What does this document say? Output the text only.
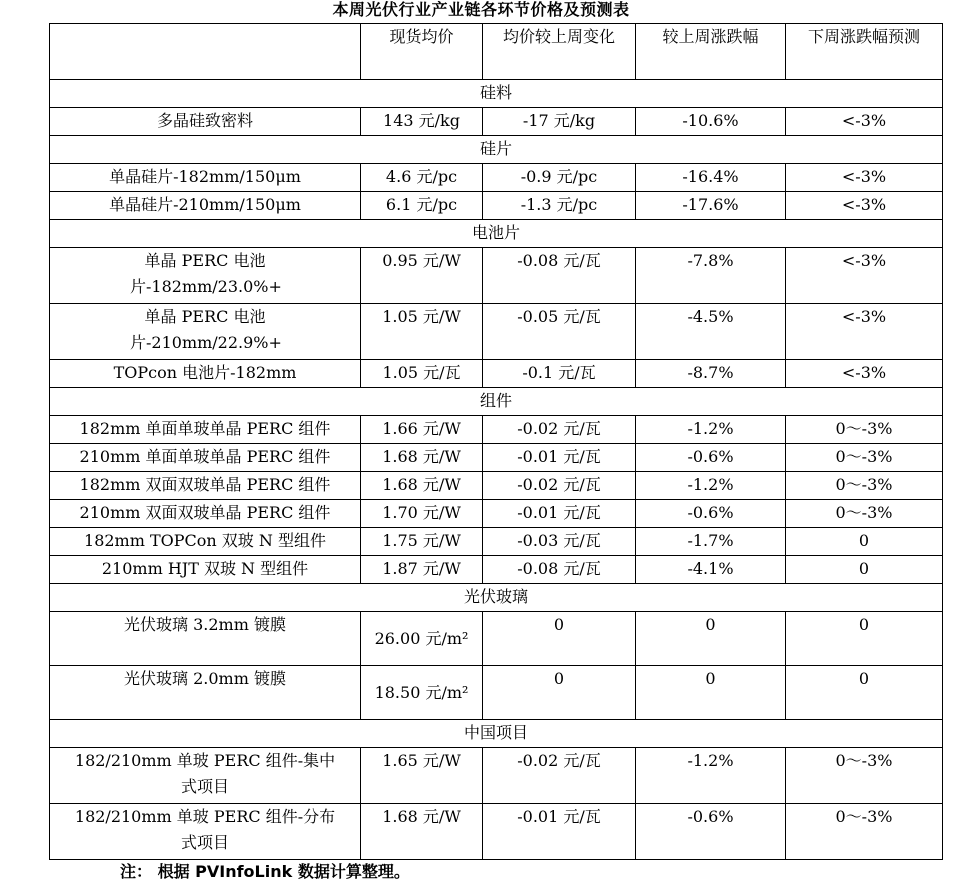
本周光伏行业产业链各环节价格及预测表
	现货均价	均价较上周变化	较上周涨跌幅	下周涨跌幅预测
硅料				
多晶硅致密料	143 元/kg	-17 元/kg	-10.6%	<-3%
硅片				
单晶硅片-182mm/150μm	4.6 元/pc	-0.9 元/pc	-16.4%	<-3%
单晶硅片-210mm/150μm	6.1 元/pc	-1.3 元/pc	-17.6%	<-3%
电池片				
单晶 PERC 电池片-182mm/23.0%+	0.95 元/W	-0.08 元/瓦	-7.8%	<-3%
单晶 PERC 电池片-210mm/22.9%+	1.05 元/W	-0.05 元/瓦	-4.5%	<-3%
TOPcon 电池片-182mm	1.05 元/瓦	-0.1 元/瓦	-8.7%	<-3%
组件				
182mm 单面单玻单晶 PERC 组件	1.66 元/W	-0.02 元/瓦	-1.2%	0～-3%
210mm 单面单玻单晶 PERC 组件	1.68 元/W	-0.01 元/瓦	-0.6%	0～-3%
182mm 双面双玻单晶 PERC 组件	1.68 元/W	-0.02 元/瓦	-1.2%	0～-3%
210mm 双面双玻单晶 PERC 组件	1.70 元/W	-0.01 元/瓦	-0.6%	0～-3%
182mm TOPCon 双玻 N 型组件	1.75 元/W	-0.03 元/瓦	-1.7%	0
210mm HJT 双玻 N 型组件	1.87 元/W	-0.08 元/瓦	-4.1%	0
光伏玻璃				
光伏玻璃 3.2mm 镀膜	26.00 元/m²	0	0	0
光伏玻璃 2.0mm 镀膜	18.50 元/m²	0	0	0
中国项目				
182/210mm 单玻 PERC 组件-集中式项目	1.65 元/W	-0.02 元/瓦	-1.2%	0～-3%
182/210mm 单玻 PERC 组件-分布式项目	1.68 元/W	-0.01 元/瓦	-0.6%	0～-3%
注： 根据 PVInfoLink 数据计算整理。
